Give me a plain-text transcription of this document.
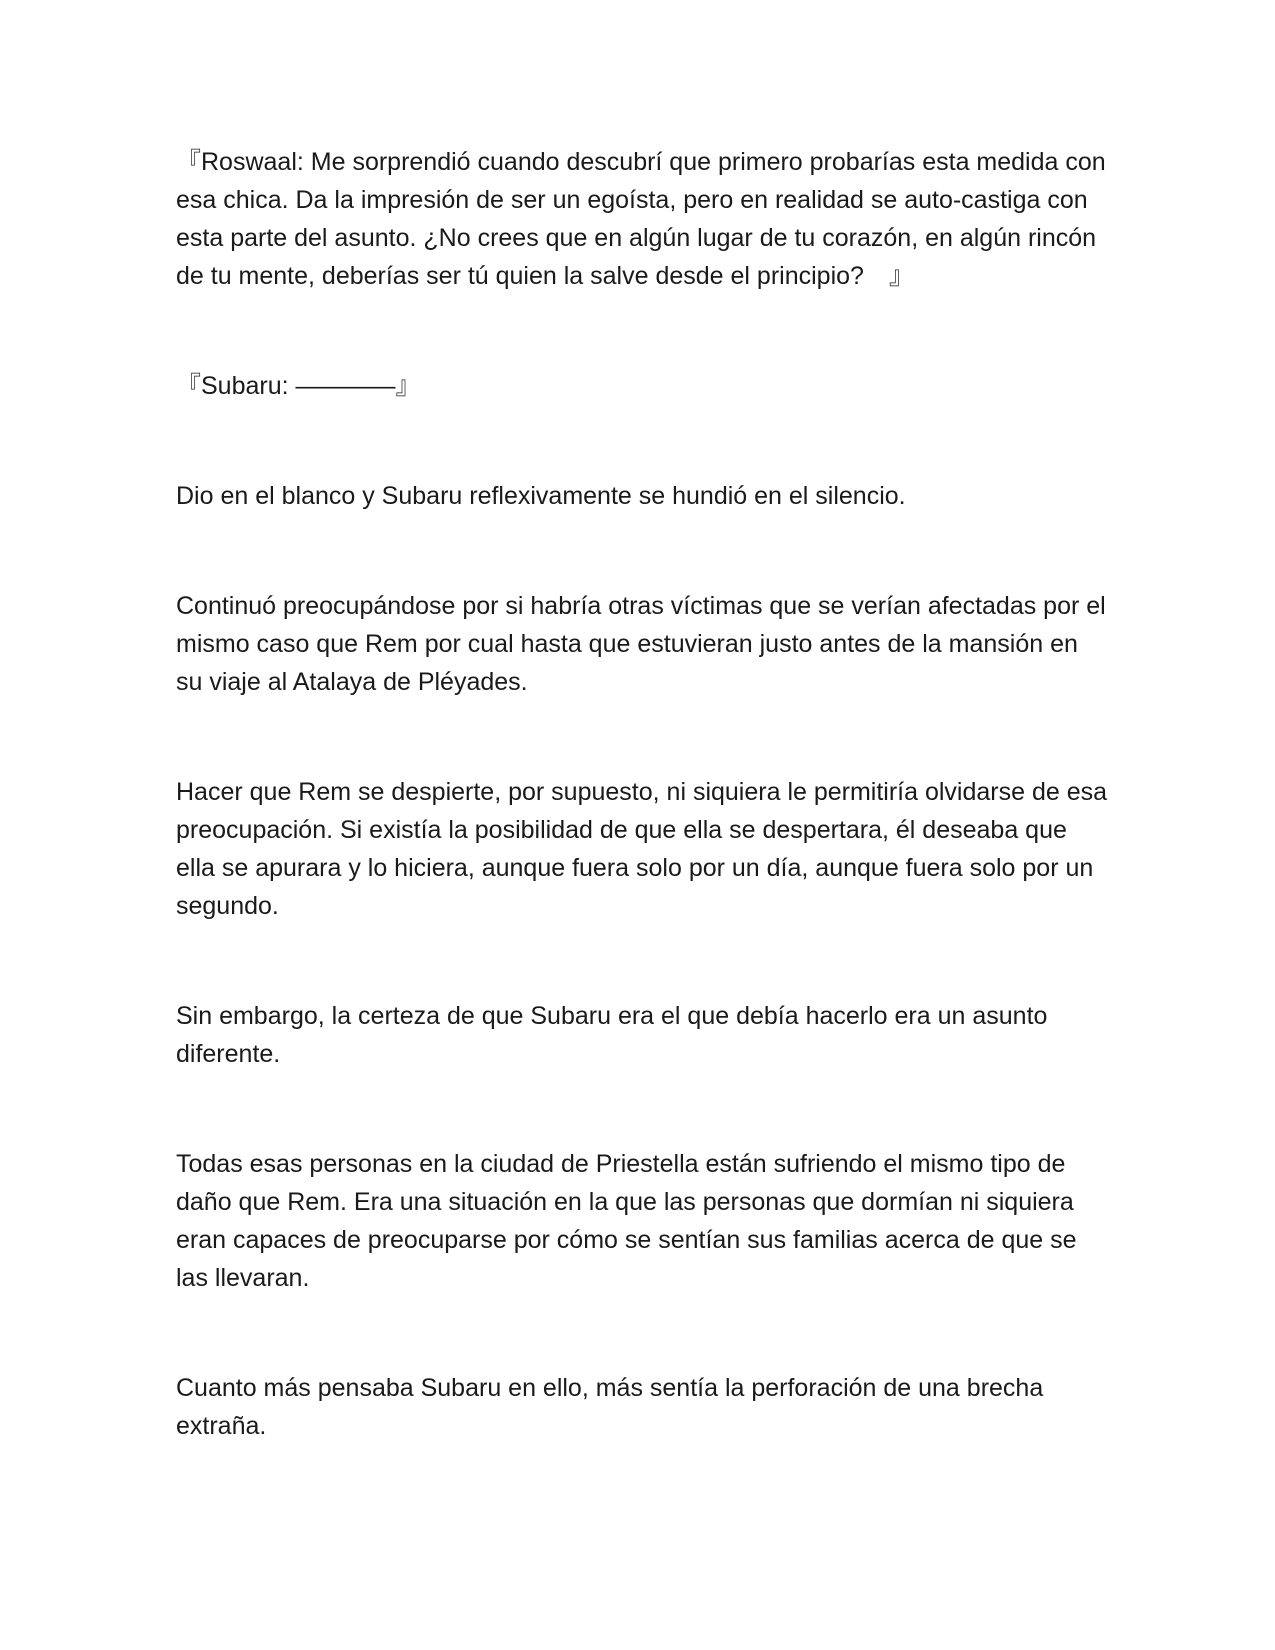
『Roswaal: Me sorprendió cuando descubrí que primero probarías esta medida con esa chica. Da la impresión de ser un egoísta, pero en realidad se auto-castiga con esta parte del asunto. ¿No crees que en algún lugar de tu corazón, en algún rincón de tu mente, deberías ser tú quien la salve desde el principio?　』

『Subaru: ————』

Dio en el blanco y Subaru reflexivamente se hundió en el silencio.

Continuó preocupándose por si habría otras víctimas que se verían afectadas por el mismo caso que Rem por cual hasta que estuvieran justo antes de la mansión en su viaje al Atalaya de Pléyades.

Hacer que Rem se despierte, por supuesto, ni siquiera le permitiría olvidarse de esa preocupación. Si existía la posibilidad de que ella se despertara, él deseaba que ella se apurara y lo hiciera, aunque fuera solo por un día, aunque fuera solo por un segundo.

Sin embargo, la certeza de que Subaru era el que debía hacerlo era un asunto diferente.

Todas esas personas en la ciudad de Priestella están sufriendo el mismo tipo de daño que Rem. Era una situación en la que las personas que dormían ni siquiera eran capaces de preocuparse por cómo se sentían sus familias acerca de que se las llevaran.

Cuanto más pensaba Subaru en ello, más sentía la perforación de una brecha extraña.
